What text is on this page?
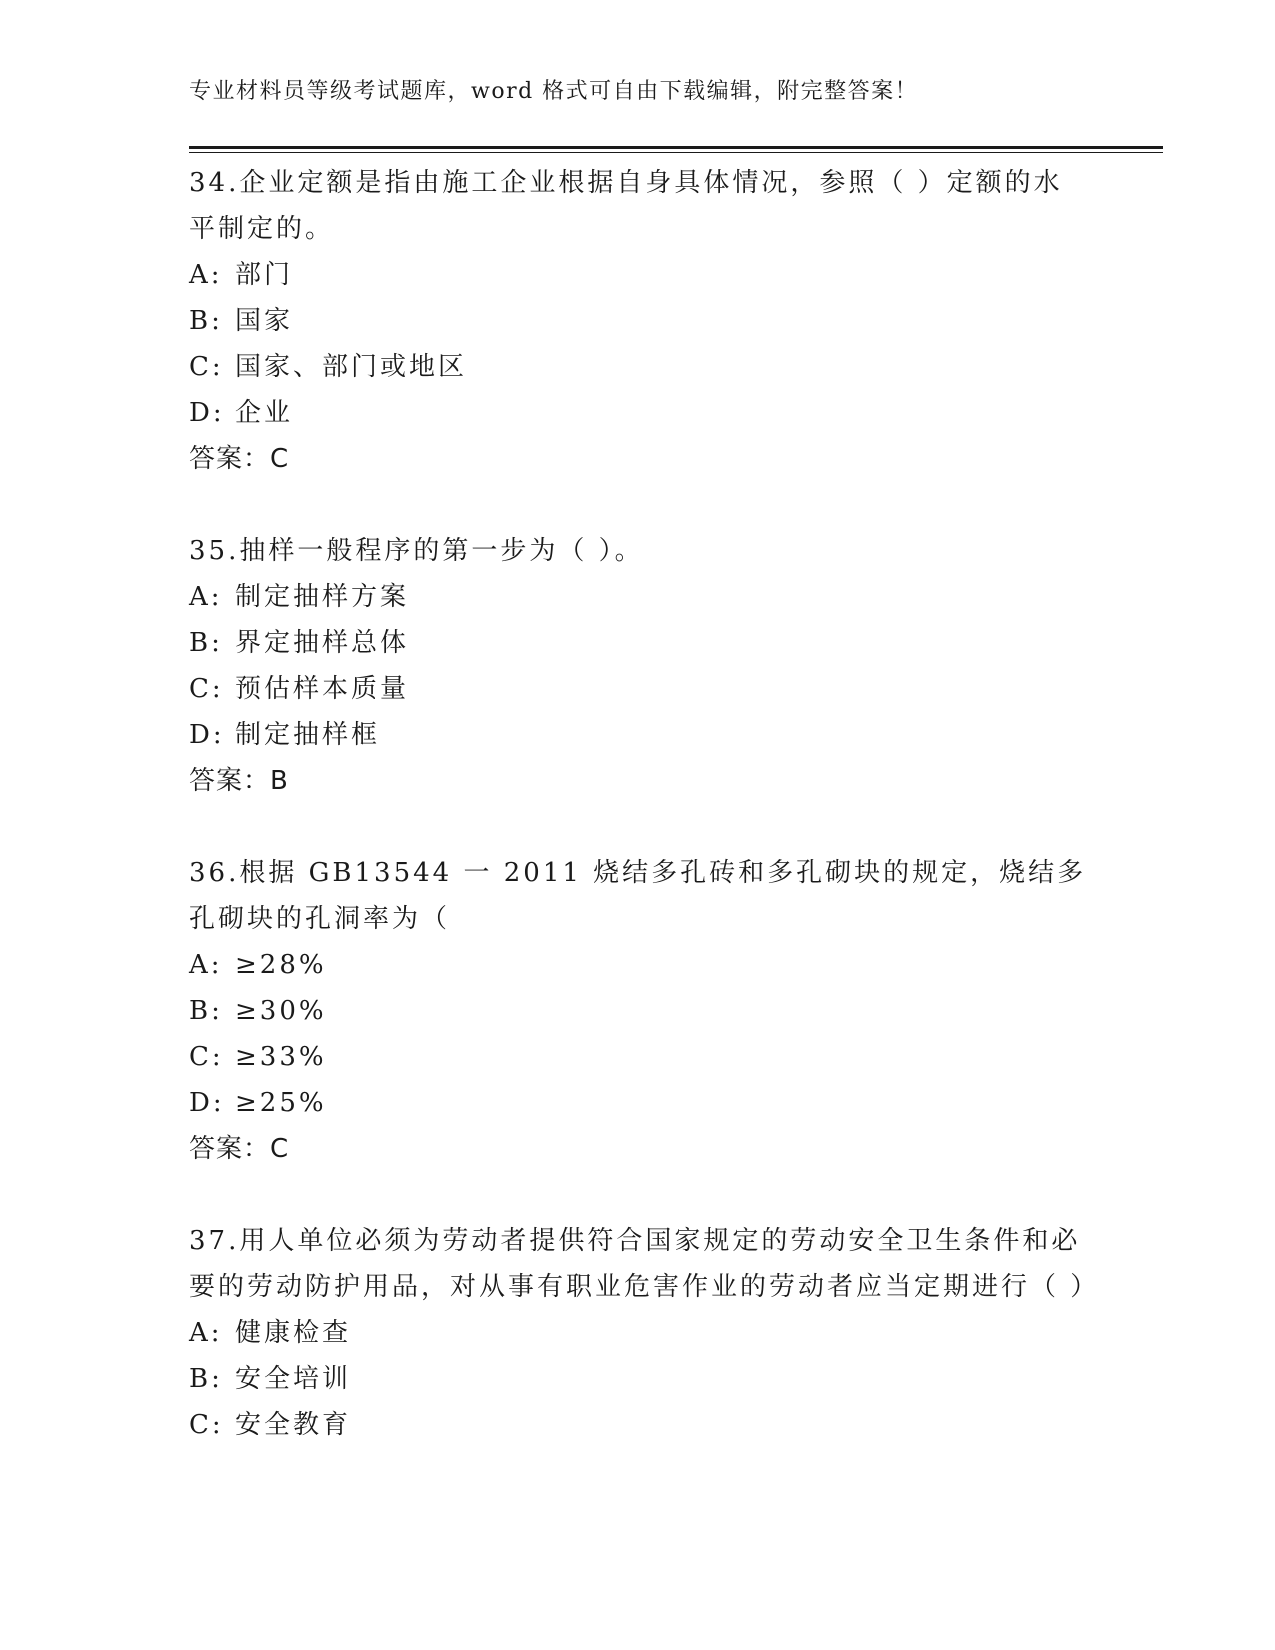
专业材料员等级考试题库，word 格式可自由下载编辑，附完整答案！

34.企业定额是指由施工企业根据自身具体情况，参照（ ）定额的水平制定的。

A: 部门

B: 国家

C: 国家、部门或地区

D: 企业

答案：C

35.抽样一般程序的第一步为（ ）。

A: 制定抽样方案

B: 界定抽样总体

C: 预估样本质量

D: 制定抽样框

答案：B

36.根据 GB13544 一 2011 烧结多孔砖和多孔砌块的规定，烧结多孔砌块的孔洞率为（

A: ≥28%

B: ≥30%

C: ≥33%

D: ≥25%

答案：C

37.用人单位必须为劳动者提供符合国家规定的劳动安全卫生条件和必要的劳动防护用品，对从事有职业危害作业的劳动者应当定期进行（ ）

A: 健康检查

B: 安全培训

C: 安全教育
